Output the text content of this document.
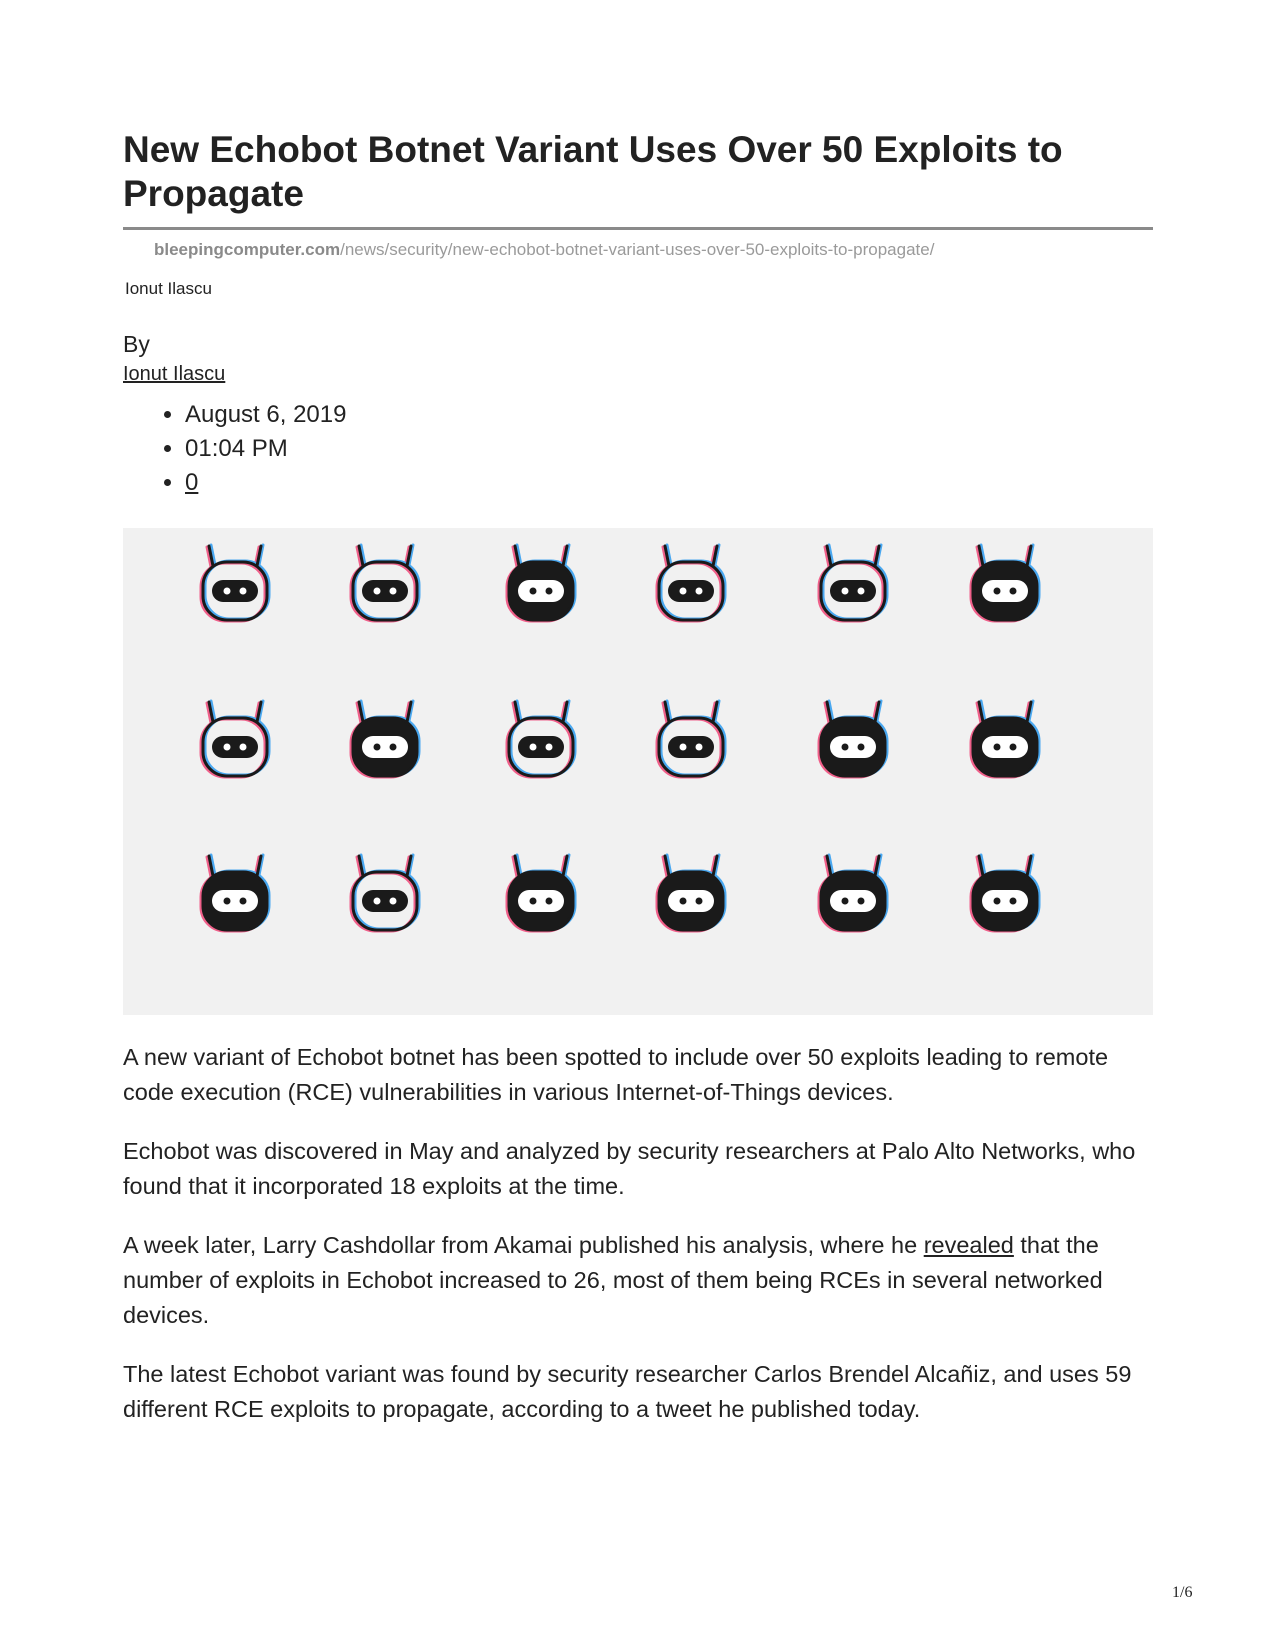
New Echobot Botnet Variant Uses Over 50 Exploits to Propagate
bleepingcomputer.com/news/security/new-echobot-botnet-variant-uses-over-50-exploits-to-propagate/
Ionut Ilascu
By
Ionut Ilascu
• August 6, 2019
• 01:04 PM
• 0

A new variant of Echobot botnet has been spotted to include over 50 exploits leading to remote code execution (RCE) vulnerabilities in various Internet-of-Things devices.

Echobot was discovered in May and analyzed by security researchers at Palo Alto Networks, who found that it incorporated 18 exploits at the time.

A week later, Larry Cashdollar from Akamai published his analysis, where he revealed that the number of exploits in Echobot increased to 26, most of them being RCEs in several networked devices.

The latest Echobot variant was found by security researcher Carlos Brendel Alcañiz, and uses 59 different RCE exploits to propagate, according to a tweet he published today.

1/6
